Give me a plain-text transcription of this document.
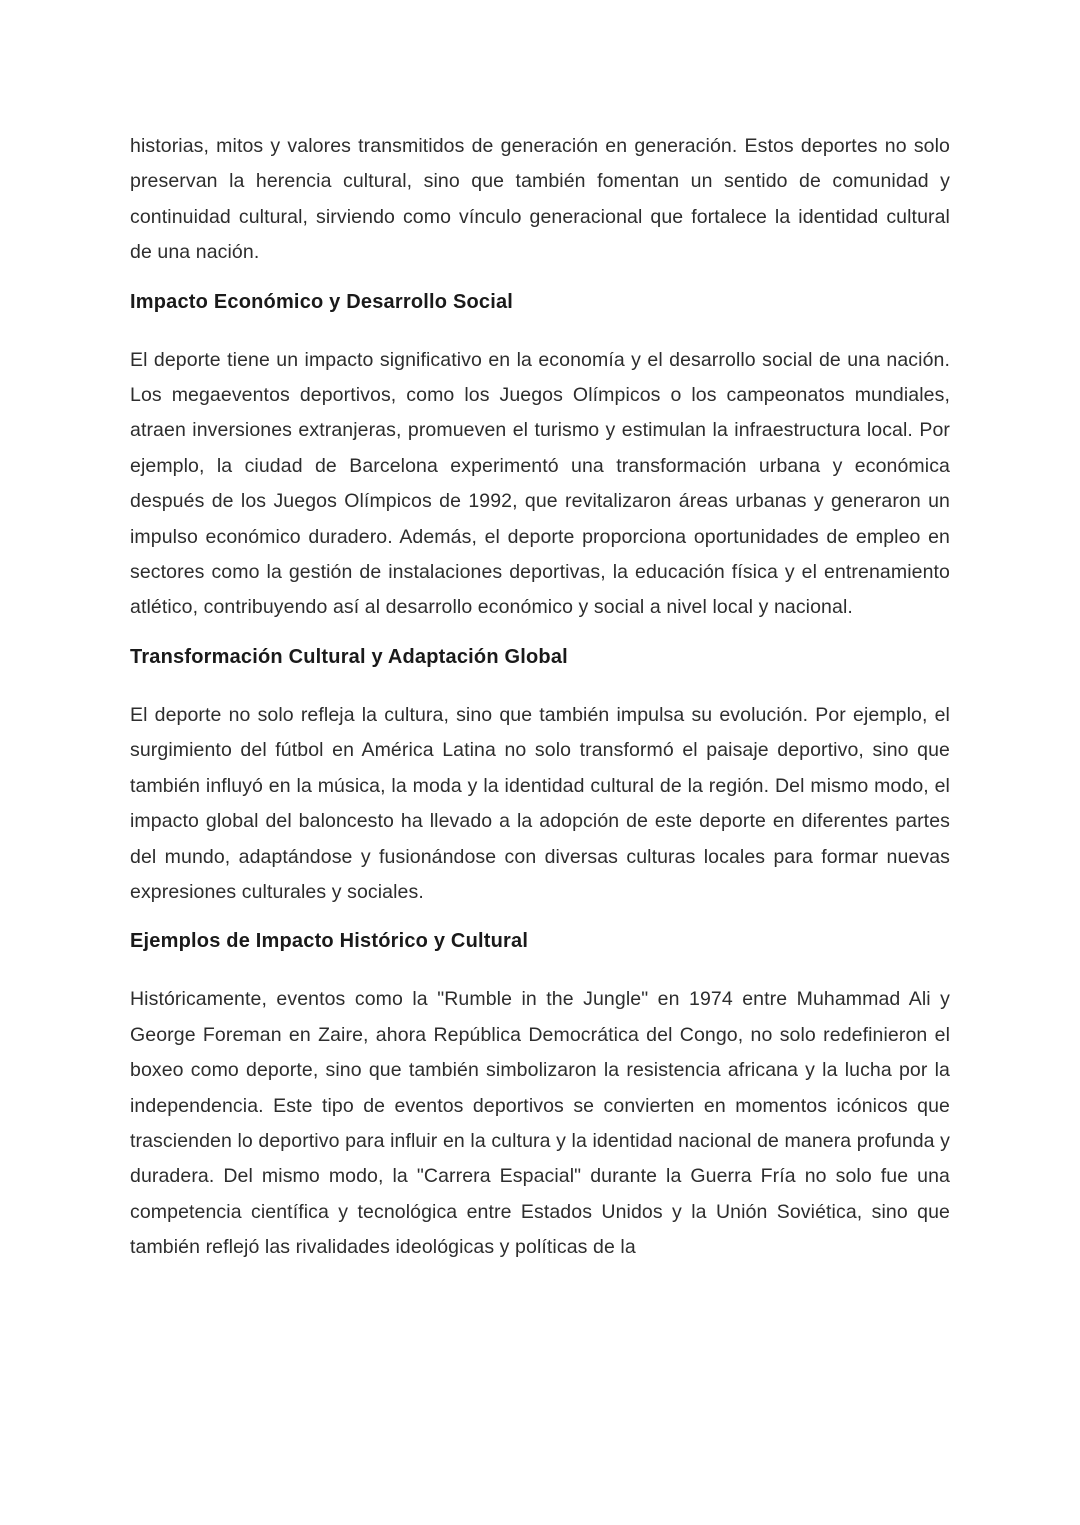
historias, mitos y valores transmitidos de generación en generación. Estos deportes no solo preservan la herencia cultural, sino que también fomentan un sentido de comunidad y continuidad cultural, sirviendo como vínculo generacional que fortalece la identidad cultural de una nación.

Impacto Económico y Desarrollo Social

El deporte tiene un impacto significativo en la economía y el desarrollo social de una nación. Los megaeventos deportivos, como los Juegos Olímpicos o los campeonatos mundiales, atraen inversiones extranjeras, promueven el turismo y estimulan la infraestructura local. Por ejemplo, la ciudad de Barcelona experimentó una transformación urbana y económica después de los Juegos Olímpicos de 1992, que revitalizaron áreas urbanas y generaron un impulso económico duradero. Además, el deporte proporciona oportunidades de empleo en sectores como la gestión de instalaciones deportivas, la educación física y el entrenamiento atlético, contribuyendo así al desarrollo económico y social a nivel local y nacional.

Transformación Cultural y Adaptación Global

El deporte no solo refleja la cultura, sino que también impulsa su evolución. Por ejemplo, el surgimiento del fútbol en América Latina no solo transformó el paisaje deportivo, sino que también influyó en la música, la moda y la identidad cultural de la región. Del mismo modo, el impacto global del baloncesto ha llevado a la adopción de este deporte en diferentes partes del mundo, adaptándose y fusionándose con diversas culturas locales para formar nuevas expresiones culturales y sociales.

Ejemplos de Impacto Histórico y Cultural

Históricamente, eventos como la "Rumble in the Jungle" en 1974 entre Muhammad Ali y George Foreman en Zaire, ahora República Democrática del Congo, no solo redefinieron el boxeo como deporte, sino que también simbolizaron la resistencia africana y la lucha por la independencia. Este tipo de eventos deportivos se convierten en momentos icónicos que trascienden lo deportivo para influir en la cultura y la identidad nacional de manera profunda y duradera. Del mismo modo, la "Carrera Espacial" durante la Guerra Fría no solo fue una competencia científica y tecnológica entre Estados Unidos y la Unión Soviética, sino que también reflejó las rivalidades ideológicas y políticas de la
